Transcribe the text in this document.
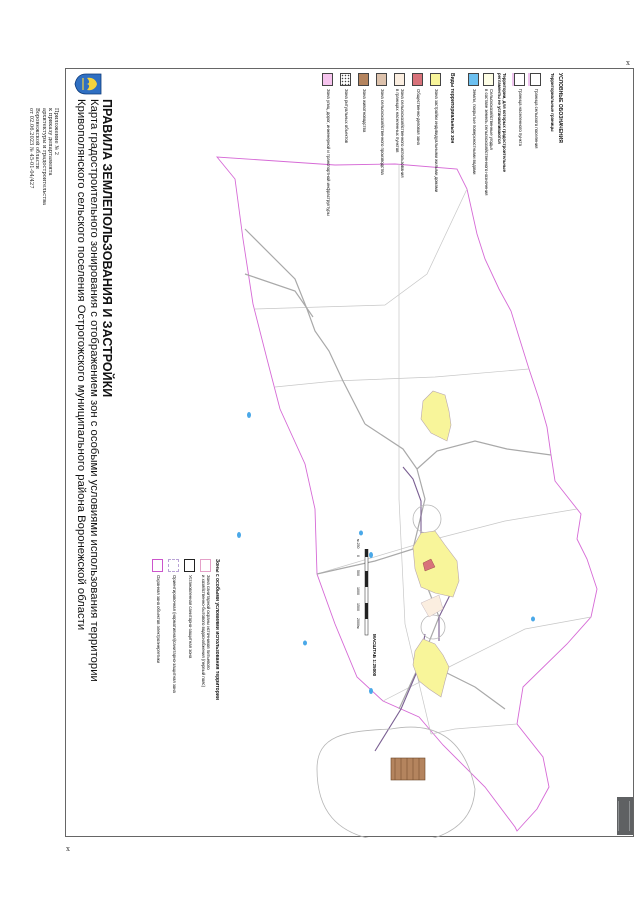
Приложение № 2
к приказу департамента
архитектуры и градостроительства
Воронежской области
от 02.06.2023 № 45-01-04/427
x
x
ПРАВИЛА ЗЕМЛЕПОЛЬЗОВАНИЯ И ЗАСТРОЙКИ
Карта градостроительного зонирования с отображением зон с особыми условиями использования территории
Кривополянского сельского поселения Острогожского муниципального района Воронежской области	УСЛОВНЫЕ ОБОЗНАЧЕНИЯ
Территориальные границы
Граница сельского поселения
Граница населенного пункта
Территории, для которых градостроительные
регламенты не устанавливаются
Сельскохозяйственные угодья
в составе земель сельскохозяйственного назначения
Земли, покрытые поверхностными водами
Виды территориальных зон
Зона застройки индивидуальными жилыми домами
Общественно-деловая зона
Зона сельскохозяйственного использования
в границах населенных пунктов
Зона сельскохозяйственного производства
Зона животноводства
Зона ритуальных объектов
Зона улиц, дорог, инженерной и транспортной инфраструктуры
Зоны с особыми условиями использования территории
Зона санитарной охраны источников питьевого
и хозяйственно-бытового водоснабжения (первый пояс)
Установленная санитарно-защитная зона
Ориентировочная (нормативная)санитарно-защитная зона
Охранная зона объектов электроэнергетики	МАСШТАБ 1:25000
м 250
0
500
1000
1500
2000м
